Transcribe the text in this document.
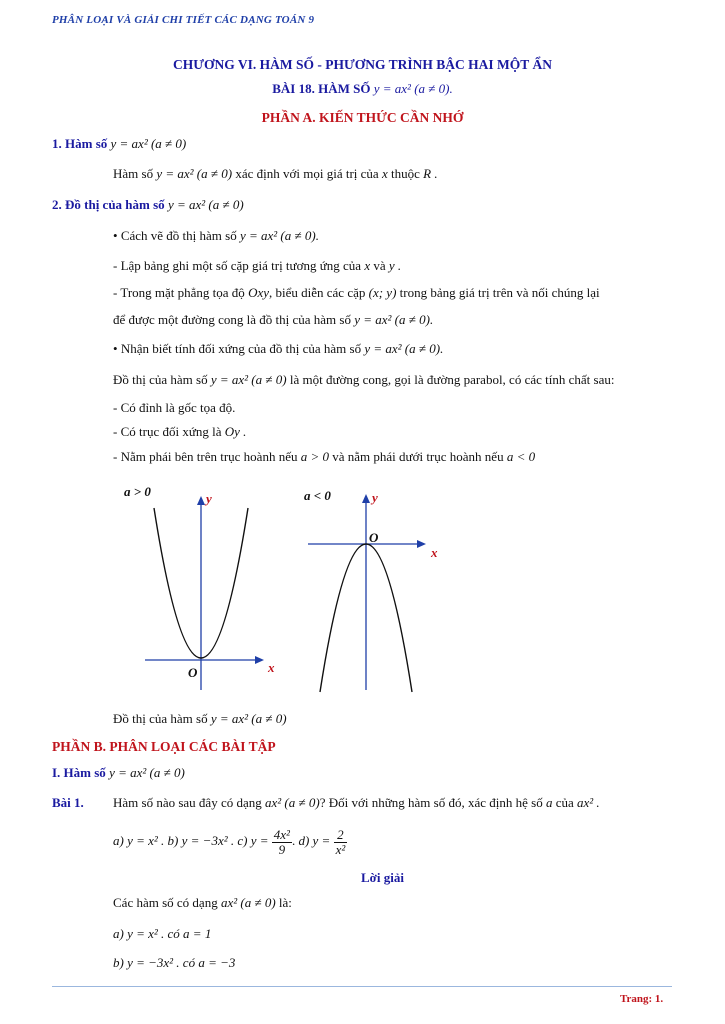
PHÂN LOẠI VÀ GIẢI CHI TIẾT CÁC DẠNG TOÁN 9
CHƯƠNG VI. HÀM SỐ - PHƯƠNG TRÌNH BẬC HAI MỘT ẨN
BÀI 18. HÀM SỐ y = ax² (a ≠ 0).
PHẦN A. KIẾN THỨC CẦN NHỚ
1. Hàm số y = ax² (a ≠ 0)
Hàm số y = ax² (a ≠ 0) xác định với mọi giá trị của x thuộc R .
2. Đồ thị của hàm số y = ax² (a ≠ 0)
• Cách vẽ đồ thị hàm số y = ax² (a ≠ 0).
- Lập bảng ghi một số cặp giá trị tương ứng của x và y .
- Trong mặt phẳng tọa độ Oxy, biểu diễn các cặp (x; y) trong bảng giá trị trên và nối chúng lại
để được một đường cong là đồ thị của hàm số y = ax² (a ≠ 0).
• Nhận biết tính đối xứng của đồ thị của hàm số y = ax² (a ≠ 0).
Đồ thị của hàm số y = ax² (a ≠ 0) là một đường cong, gọi là đường parabol, có các tính chất sau:
- Có đỉnh là gốc tọa độ.
- Có trục đối xứng là Oy .
- Nằm phái bên trên trục hoành nếu a > 0 và nằm phái dưới trục hoành nếu a < 0
a > 0	y
x
O
a < 0	y
x
O
Đồ thị của hàm số y = ax² (a ≠ 0)
PHẦN B. PHÂN LOẠI CÁC BÀI TẬP
I. Hàm số y = ax² (a ≠ 0)
Bài 1. Hàm số nào sau đây có dạng ax² (a ≠ 0)? Đối với những hàm số đó, xác định hệ số a của ax² .
a) y = x² . b) y = −3x² . c) $y = \frac{\text{4x²}}{9}$ . d) $y = \frac{2}{\text{x²}}$
Lời giải
Các hàm số có dạng ax² (a ≠ 0) là:
a) y = x² . có a = 1
b) y = −3x² . có a = −3
Trang: 1.
